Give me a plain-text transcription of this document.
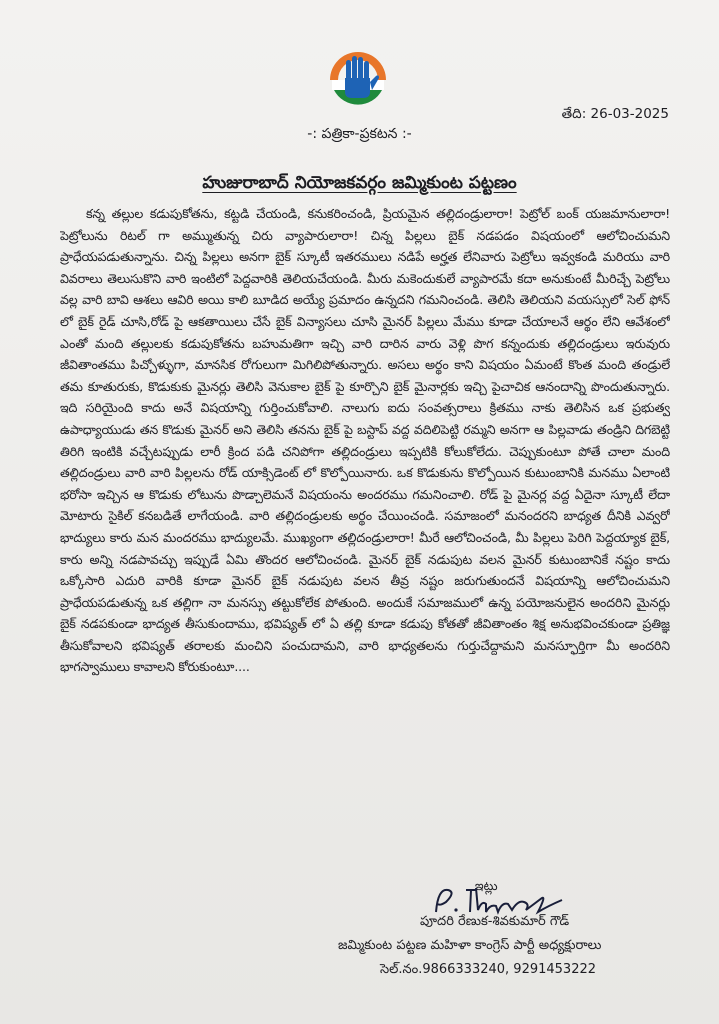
తేది: 26-03-2025
-: పత్రికా-ప్రకటన :-
హుజురాబాద్ నియోజకవర్గం జమ్మికుంట పట్టణం
కన్న తల్లుల కడుపుకోతను, కట్టడి చేయండి, కనుకరించండి, ప్రియమైన తల్లిదండ్రులారా! పెట్రోల్ బంక్ యజమానులారా! పెట్రోలును రిటల్ గా అమ్ముతున్న చిరు వ్యాపారులారా! చిన్న పిల్లలు బైక్ నడపడం విషయంలో ఆలోచించుమని ప్రాధేయపడుతున్నాను. చిన్న పిల్లలు అనగా బైక్ స్కూటీ ఇతరములు నడిపే అర్హత లేనివారు పెట్రోలు ఇవ్వకండి మరియు వారి వివరాలు తెలుసుకొని వారి ఇంటిలో పెద్దవారికి తెలియచేయండి. మీరు మకెందుకులే వ్యాపారమే కదా అనుకుంటే మీరిచ్చే పెట్రోలు వల్ల వారి బావి ఆశలు ఆవిరి అయి కాలి బూడిద అయ్యే ప్రమాదం ఉన్నదని గమనించండి. తెలిసి తెలియని వయస్సులో సెల్ ఫోన్ లో బైక్ రైడ్ చూసి,రోడ్ పై ఆకతాయిలు చేసే బైక్ విన్యాసలు చూసి మైనర్ పిల్లలు మేము కూడా చేయాలనే ఆర్థం లేని ఆవేశంలో ఎంతో మంది తల్లులకు కడుపుకోతను బహుమతిగా ఇచ్చి వారి దారిన వారు వెళ్లి పొగ కన్నందుకు తల్లిదండ్రులు ఇరువురు జీవితాంతము పిచ్చోళ్ళుగా, మానసిక రోగులుగా మిగిలిపోతున్నారు. అసలు అర్థం కాని విషయం ఏమంటే కొంత మంది తండ్రులే తమ కూతురుకు, కొడుకుకు మైనర్లు తెలిసి వెనుకాల బైక్ పై కూర్చొని బైక్ మైనార్లకు ఇచ్చి పైచాచిక ఆనందాన్ని పొందుతున్నారు. ఇది సరియైంది కాదు అనే విషయాన్ని గుర్తించుకోవాలి. నాలుగు ఐదు సంవత్సరాలు క్రితము నాకు తెలిసిన ఒక ప్రభుత్వ ఉపాధ్యాయుడు తన కొడుకు మైనర్ అని తెలిసి తనను బైక్ పై బస్టాప్ వద్ద వదిలిపెట్టి రమ్మని అనగా ఆ పిల్లవాడు తండ్రిని దిగబెట్టి తిరిగి ఇంటికి వచ్చేటప్పుడు లారీ క్రింద పడి చనిపోగా తల్లిదండ్రులు ఇప్పటికి కోలుకోలేదు. చెప్పుకుంటూ పోతే చాలా మంది తల్లిదండ్రులు వారి వారి పిల్లలను రోడ్ యాక్సిడెంట్ లో కొల్పోయినారు. ఒక కొడుకును కొల్పోయిన కుటుంబానికి మనము ఏలాంటి భరోసా ఇచ్చిన ఆ కొడుకు లోటును పొడ్చాలెమనే విషయంను అందరము గమనించాలి. రోడ్ పై మైనర్ల వద్ద ఏదైనా స్కూటీ లేదా మోటారు సైకిల్ కనబడితే లాగేయండి. వారి తల్లిదండ్రులకు అర్థం చేయించండి. సమాజంలో మనందరని బాధ్యత దీనికి ఎవ్వరో భాద్యులు కారు మన మందరము భాద్యులమే. ముఖ్యంగా తల్లిదండ్రులారా! మీరే ఆలోచించండి, మీ పిల్లలు పెరిగి పెద్దయ్యాక బైక్, కారు అన్ని నడపావచ్చు ఇప్పుడే ఏమి తొందర ఆలోచించండి. మైనర్ బైక్ నడుపుట వలన మైనర్ కుటుంబానికే నష్టం కాదు ఒక్కోసారి ఎదురి వారికి కూడా మైనర్ బైక్ నడుపుట వలన తీవ్ర నష్టం జరుగుతుందనే విషయాన్ని ఆలోచించుమని ప్రాధేయపడుతున్న ఒక తల్లిగా నా మనస్సు తట్టుకోలేక పోతుంది. అందుకే సమాజములో ఉన్న పయోజనులైన అందరిని మైనర్లు బైక్ నడపకుండా భాద్యత తీసుకుందాము, భవిష్యత్ లో ఏ తల్లి కూడా కడుపు కోతతో జీవితాంతం శిక్ష అనుభవించకుండా ప్రతిజ్ఞ తీసుకోవాలని భవిష్యత్ తరాలకు మంచిని పంచుదామని, వారి భాధ్యతలను గుర్తుచేద్దామని మనస్ఫూర్తిగా మీ అందరిని భాగస్వాములు కావాలని కోరుకుంటూ....
ఇట్లు
పూదరి రేణుక-శివకుమార్ గౌడ్
జమ్మికుంట పట్టణ మహిళా కాంగ్రెస్ పార్టీ అధ్యక్షురాలు
సెల్.నం.9866333240, 9291453222
